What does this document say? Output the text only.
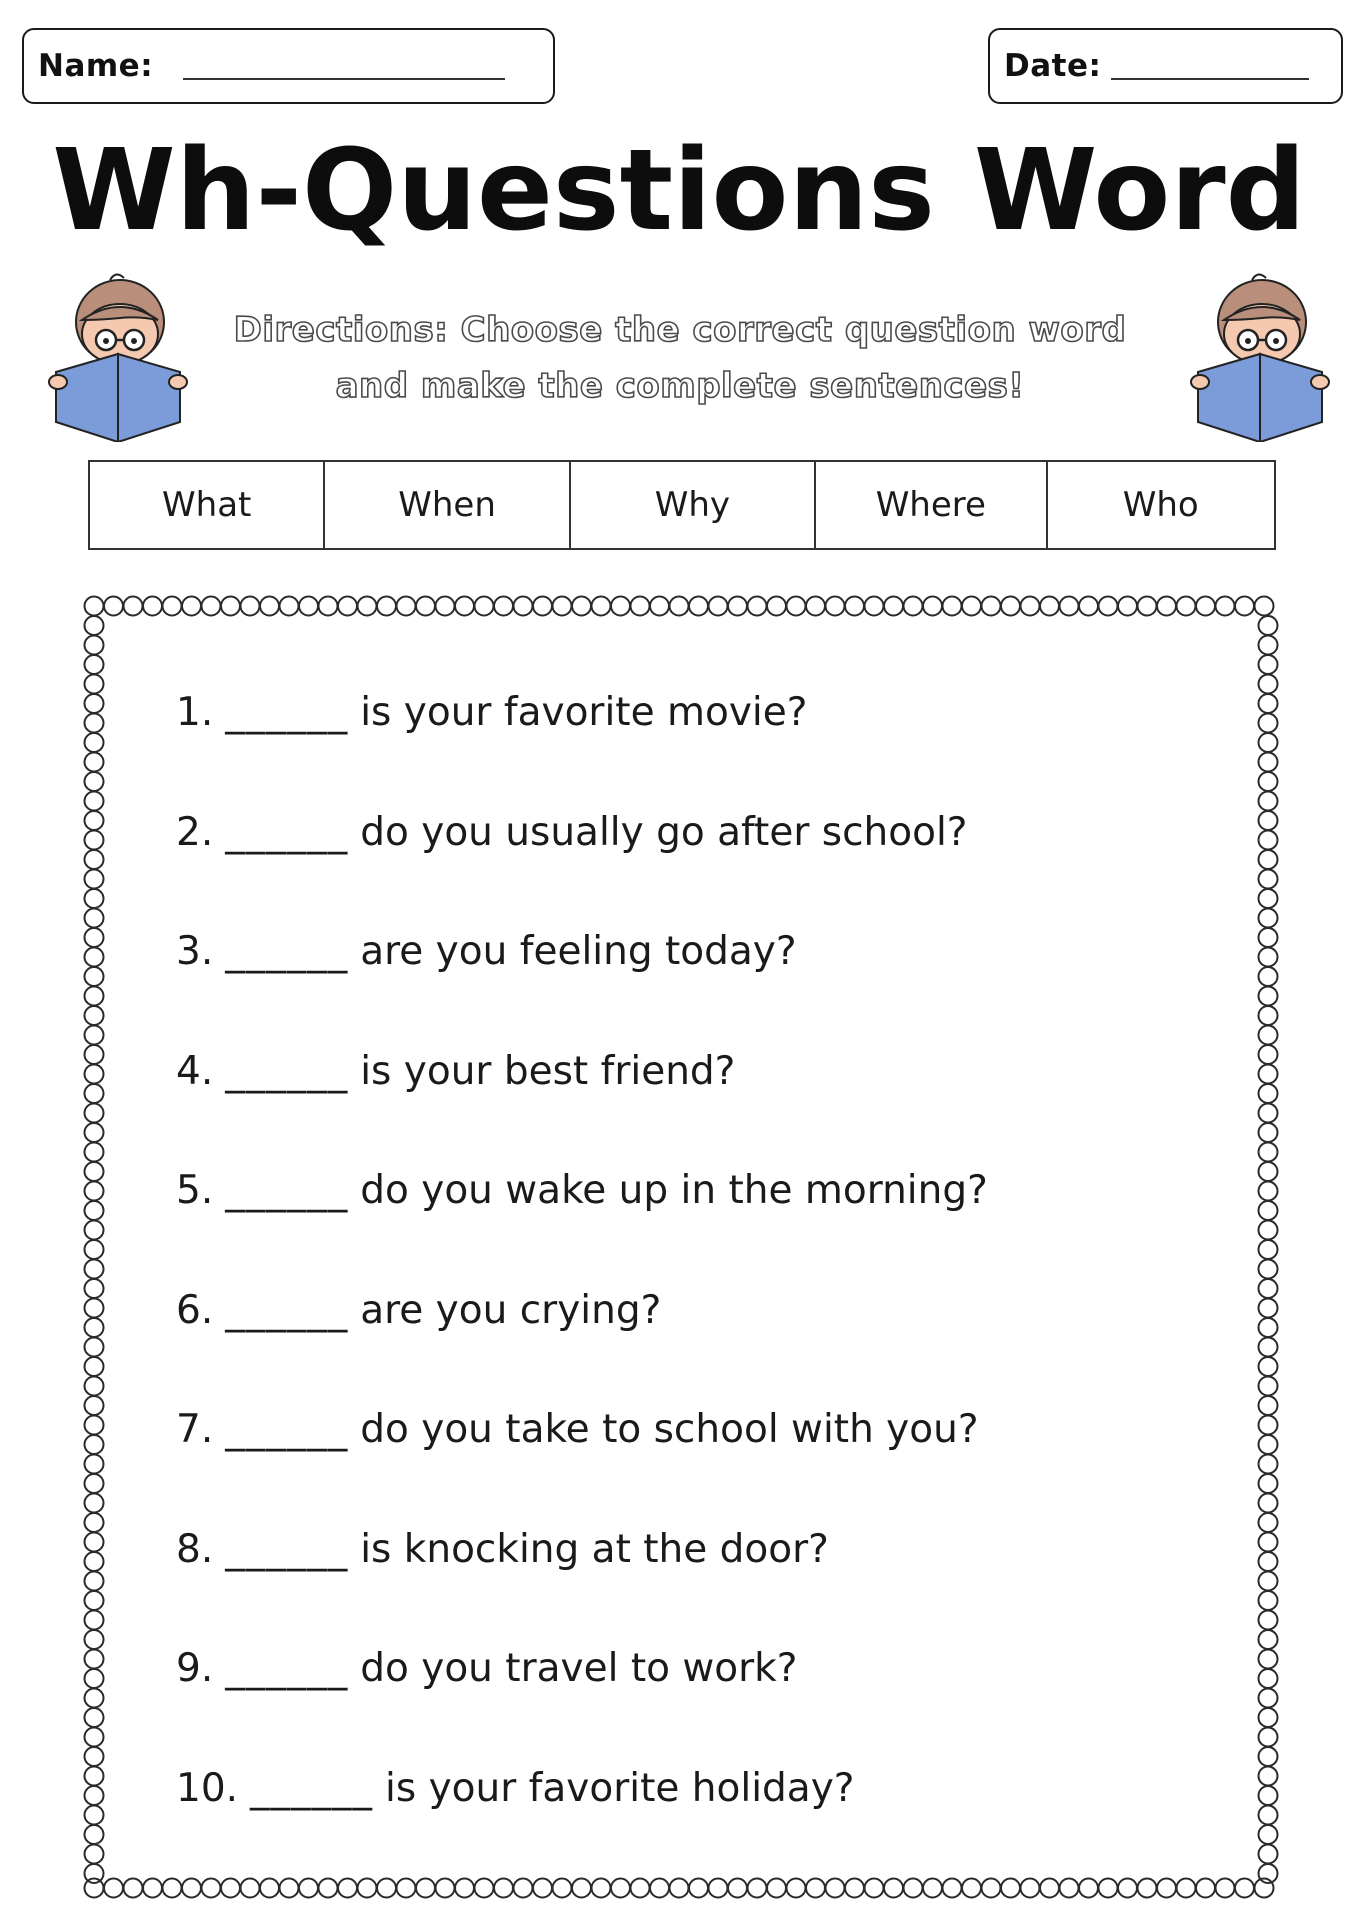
Name:	Date:
Wh-Questions Word
Directions: Choose the correct question word
and make the complete sentences!
What	When	Why	Where	Who
1. ______ is your favorite movie?
2. ______ do you usually go after school?
3. ______ are you feeling today?
4. ______ is your best friend?
5. ______ do you wake up in the morning?
6. ______ are you crying?
7. ______ do you take to school with you?
8. ______ is knocking at the door?
9. ______ do you travel to work?
10. ______ is your favorite holiday?
